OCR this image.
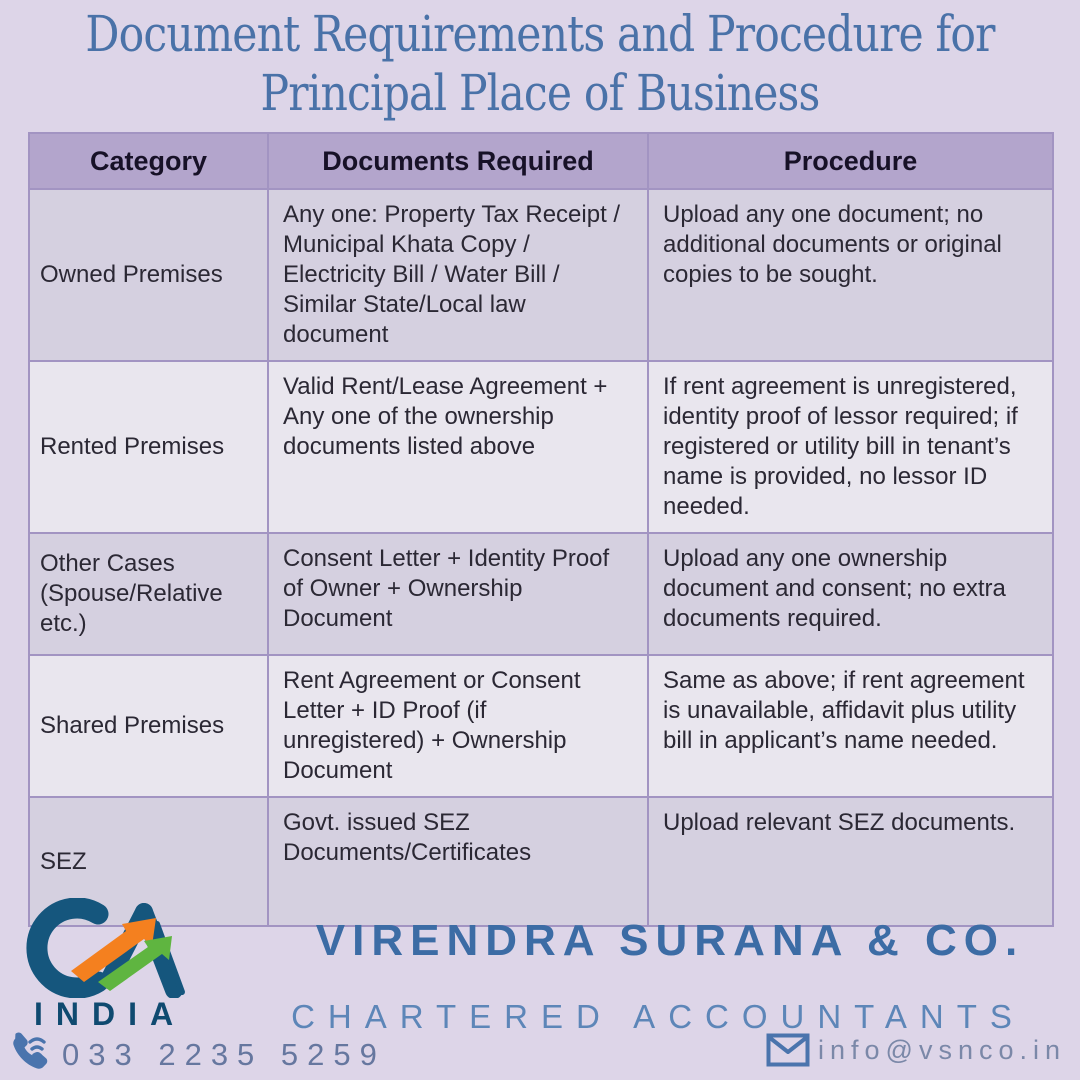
Document Requirements and Procedure for
Principal Place of Business
Category	Documents Required	Procedure
Owned Premises	Any one: Property Tax Receipt / Municipal Khata Copy / Electricity Bill / Water Bill / Similar State/Local law document	Upload any one document; no additional documents or original copies to be sought.
Rented Premises	Valid Rent/Lease Agreement + Any one of the ownership documents listed above	If rent agreement is unregistered, identity proof of lessor required; if registered or utility bill in tenant’s name is provided, no lessor ID needed.
Other Cases (Spouse/Relative etc.)	Consent Letter + Identity Proof of Owner + Ownership Document	Upload any one ownership document and consent; no extra documents required.
Shared Premises	Rent Agreement or Consent Letter + ID Proof (if unregistered) + Ownership Document	Same as above; if rent agreement is unavailable, affidavit plus utility bill in applicant’s name needed.
SEZ	Govt. issued SEZ Documents/Certificates	Upload relevant SEZ documents.
INDIA
VIRENDRA SURANA & CO.
CHARTERED ACCOUNTANTS
033 2235 5259	info@vsnco.in
